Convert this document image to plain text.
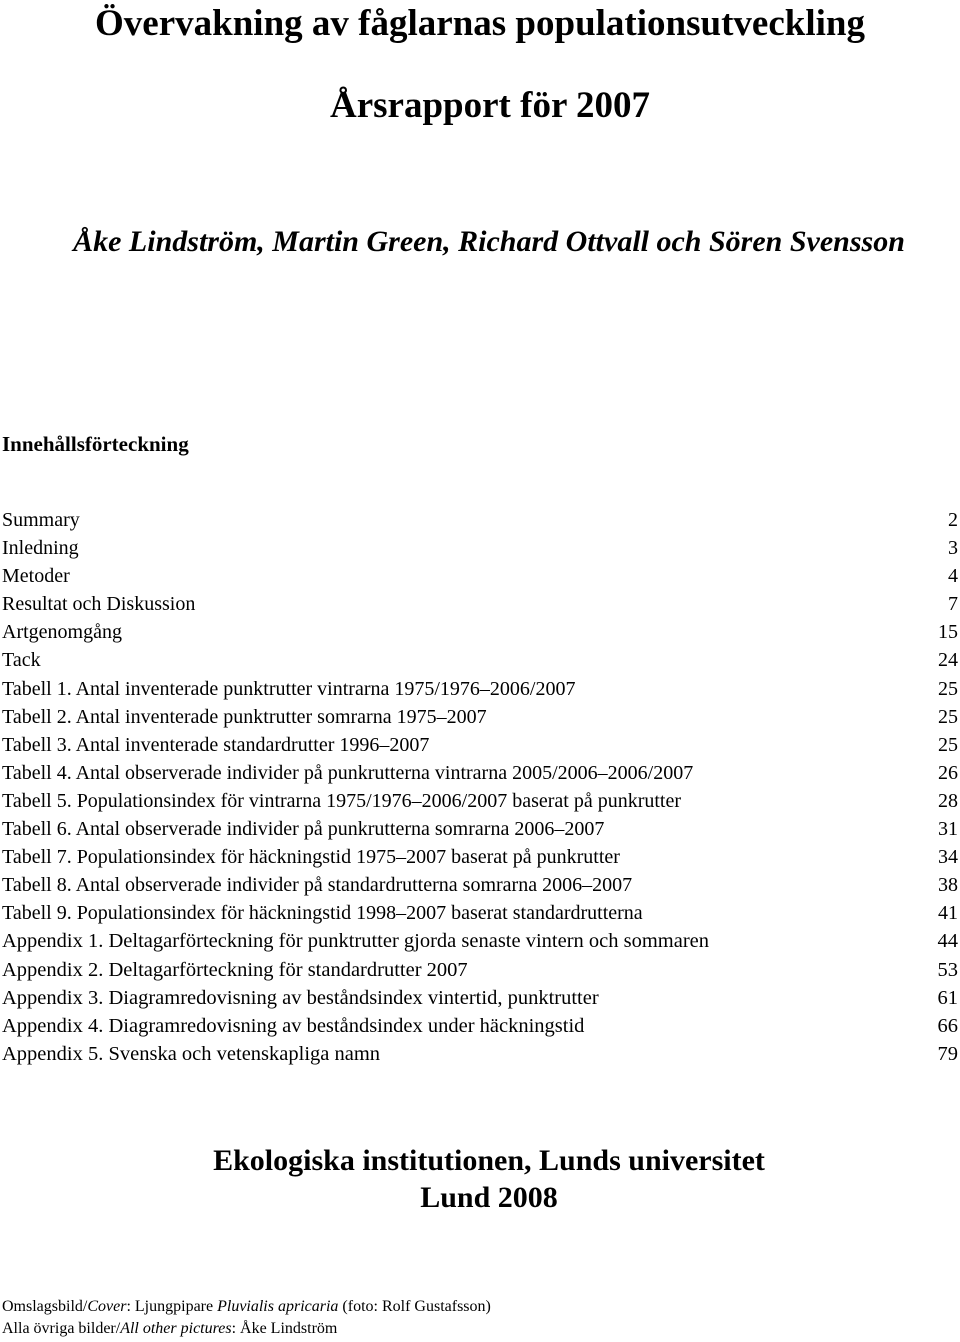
Övervakning av fåglarnas populationsutveckling
Årsrapport för 2007

Åke Lindström, Martin Green, Richard Ottvall och Sören Svensson

Innehållsförteckning
Summary	2
Inledning	3
Metoder	4
Resultat och Diskussion	7
Artgenomgång	15
Tack	24
Tabell 1. Antal inventerade punktrutter vintrarna 1975/1976–2006/2007	25
Tabell 2. Antal inventerade punktrutter somrarna 1975–2007	25
Tabell 3. Antal inventerade standardrutter 1996–2007	25
Tabell 4. Antal observerade individer på punkrutterna vintrarna 2005/2006–2006/2007	26
Tabell 5. Populationsindex för vintrarna 1975/1976–2006/2007 baserat på punkrutter	28
Tabell 6. Antal observerade individer på punkrutterna somrarna 2006–2007	31
Tabell 7. Populationsindex för häckningstid 1975–2007 baserat på punkrutter	34
Tabell 8. Antal observerade individer på standardrutterna somrarna 2006–2007	38
Tabell 9. Populationsindex för häckningstid 1998–2007 baserat standardrutterna	41
Appendix 1. Deltagarförteckning för punktrutter gjorda senaste vintern och sommaren	44
Appendix 2. Deltagarförteckning för standardrutter 2007	53
Appendix 3. Diagramredovisning av beståndsindex vintertid, punktrutter	61
Appendix 4. Diagramredovisning av beståndsindex under häckningstid	66
Appendix 5. Svenska och vetenskapliga namn	79
Ekologiska institutionen, Lunds universitet
Lund 2008
Omslagsbild/Cover: Ljungpipare Pluvialis apricaria (foto: Rolf Gustafsson)
Alla övriga bilder/All other pictures: Åke Lindström
